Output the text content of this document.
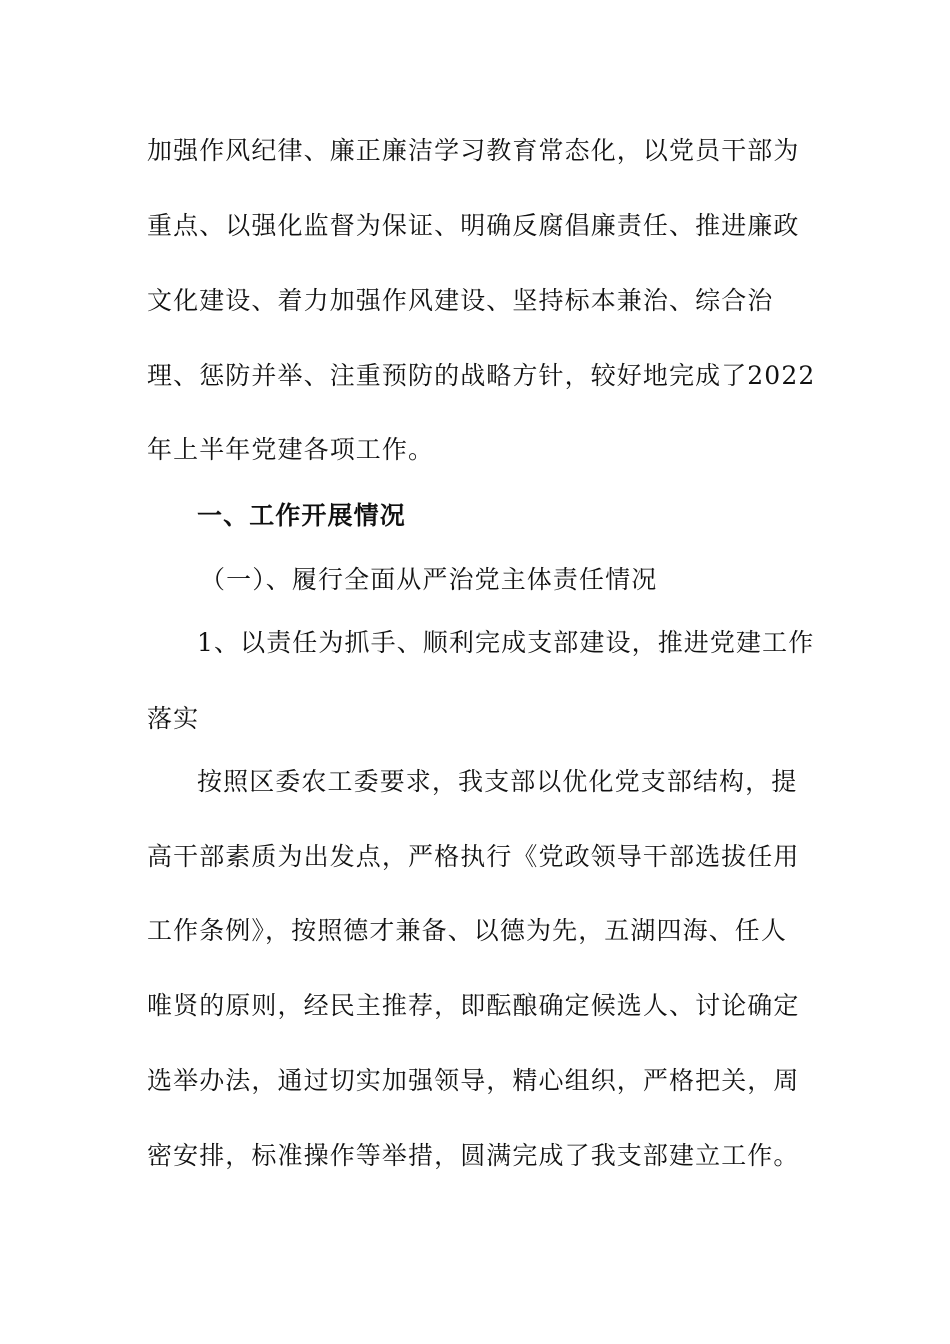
加强作风纪律、廉正廉洁学习教育常态化，以党员干部为
重点、以强化监督为保证、明确反腐倡廉责任、推进廉政
文化建设、着力加强作风建设、坚持标本兼治、综合治
理、惩防并举、注重预防的战略方针，较好地完成了2022
年上半年党建各项工作。
一、工作开展情况
（一）、履行全面从严治党主体责任情况
1、以责任为抓手、顺利完成支部建设，推进党建工作
落实
按照区委农工委要求，我支部以优化党支部结构，提
高干部素质为出发点，严格执行《党政领导干部选拔任用
工作条例》，按照德才兼备、以德为先，五湖四海、任人
唯贤的原则，经民主推荐，即酝酿确定候选人、讨论确定
选举办法，通过切实加强领导，精心组织，严格把关，周
密安排，标准操作等举措，圆满完成了我支部建立工作。
